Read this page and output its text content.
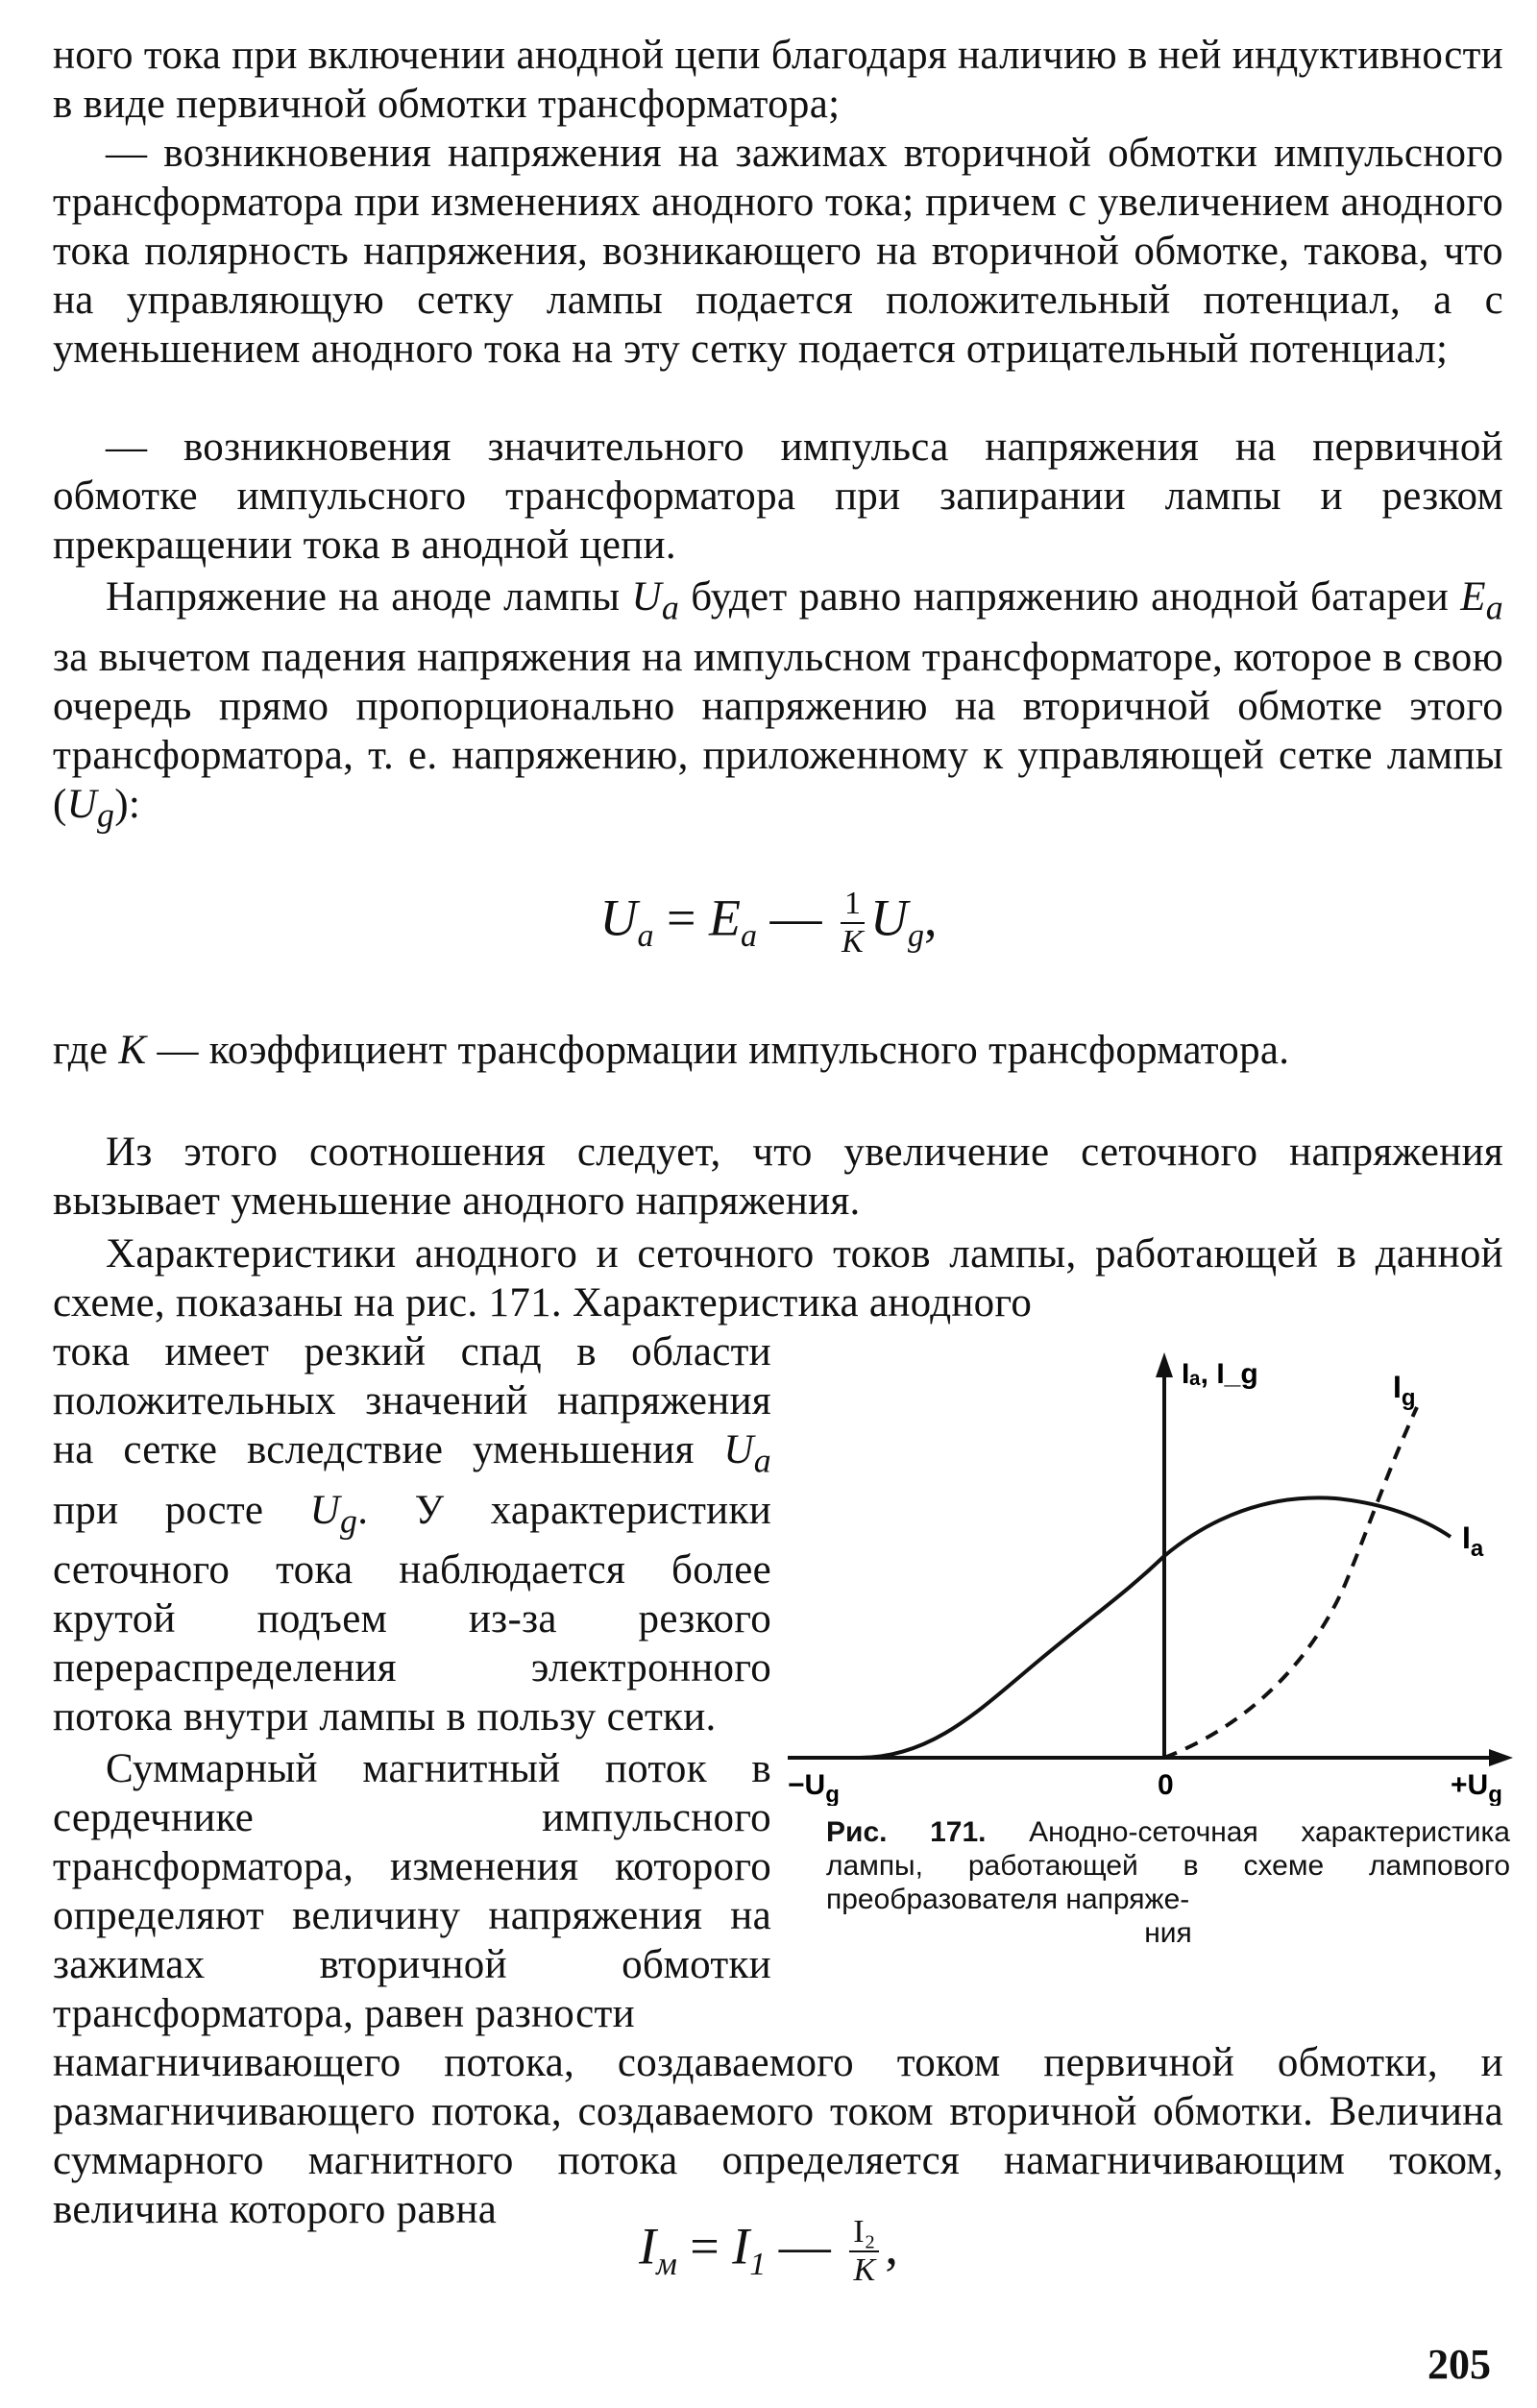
ного тока при включении анодной цепи благодаря наличию в ней индуктивности в виде первичной обмотки трансформатора;
— возникновения напряжения на зажимах вторичной обмотки импульсного трансформатора при изменениях анодного тока; причем с увеличением анодного тока полярность напряжения, возникающего на вторичной обмотке, такова, что на управляющую сетку лампы подается положительный потенциал, а с уменьшением анодного тока на эту сетку подается отрицательный потенциал;
— возникновения значительного импульса напряжения на первичной обмотке импульсного трансформатора при запирании лампы и резком прекращении тока в анодной цепи.
Напряжение на аноде лампы $U_a$ будет равно напряжению анодной батареи $E_a$ за вычетом падения напряжения на импульсном трансформаторе, которое в свою очередь прямо пропорционально напряжению на вторичной обмотке этого трансформатора, т. е. напряжению, приложенному к управляющей сетке лампы $(U_g)$:
$U_a = E_a$ — $\frac{1}{K} U_g$,
где K — коэффициент трансформации импульсного трансформатора.
Из этого соотношения следует, что увеличение сеточного напряжения вызывает уменьшение анодного напряжения.
Характеристики анодного и сеточного токов лампы, работающей в данной схеме, показаны на рис. 171. Характеристика анодного
тока имеет резкий спад в области положительных значений напряжения на сетке вследствие уменьшения $U_a$ при росте $U_g$. У характеристики сеточного тока наблюдается более крутой подъем из-за резкого перераспределения электронного потока внутри лампы в пользу сетки.
Суммарный магнитный поток в сердечнике импульсного трансформатора, изменения которого определяют величину напряжения на зажимах вторичной обмотки трансформатора, равен разности
намагничивающего потока, создаваемого током первичной обмотки, и размагничивающего потока, создаваемого током вторичной обмотки. Величина суммарного магнитного потока определяется намагничивающим током, величина которого равна
Iₐ, I_g	$I_g$
$I_a$
$-U_g$	0	$+U_g$
Рис. 171. Анодно-сеточная характеристика лампы, работающей в схеме лампового преобразователя напряже-
ния
$I_м = I_1$ — $\frac{\text{I₂}}{K}$ ,
205
